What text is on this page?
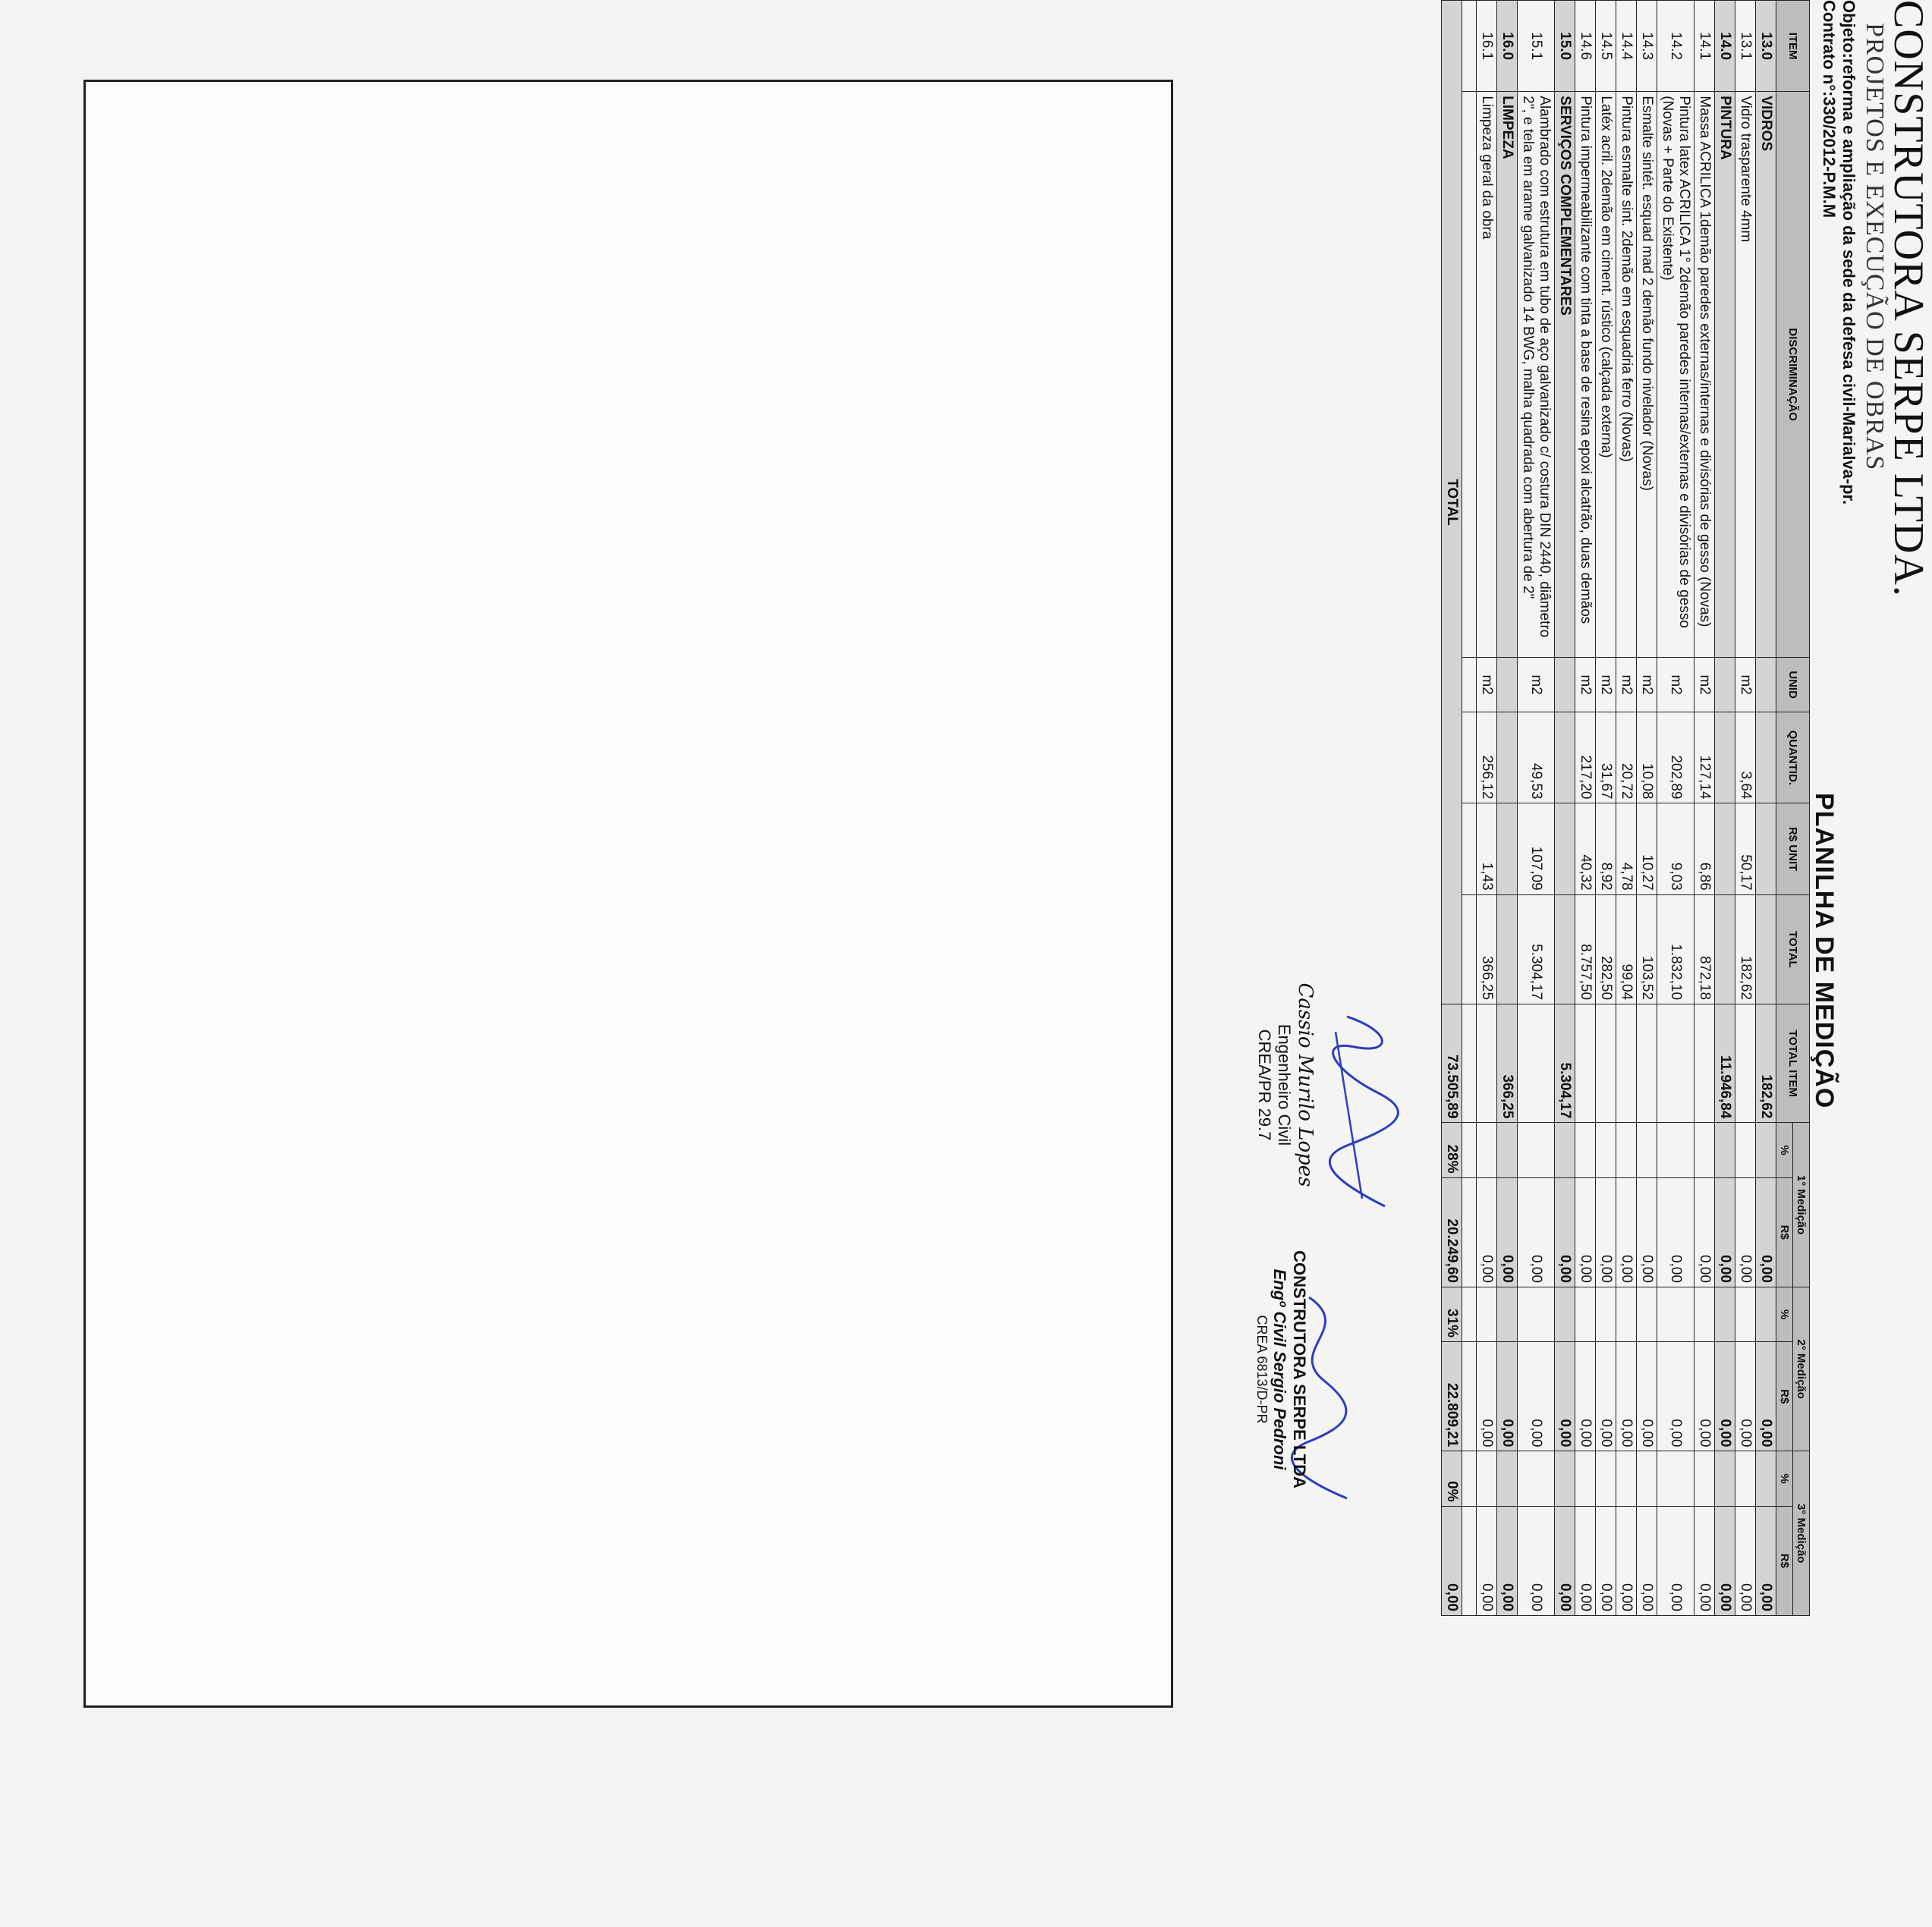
CONSTRUTORA SERPE LTDA.
PROJETOS E EXECUÇÃO DE OBRAS
Objeto:reforma e ampliação da sede da defesa civil-Marialva-pr.
Contrato n°:330/2012-P.M.M
PLANILHA DE MEDIÇÃO
ITEM	DISCRIMINAÇÃO	UNID	QUANTID.	R$ UNIT	TOTAL	TOTAL ITEM	1° Medição		2° Medição		3° Medição	
							%	R$	%	R$	%	R$
13.0	VIDROS					182,62		0,00		0,00		0,00
13.1	Vidro trasparente 4mm	m2	3,64	50,17	182,62			0,00		0,00		0,00
14.0	PINTURA					11.946,84		0,00		0,00		0,00
14.1	Massa ACRILICA 1demão paredes externas/internas e divisórias de gesso (Novas)	m2	127,14	6,86	872,18			0,00		0,00		0,00
14.2	Pintura latex ACRILICA 1° 2demão paredes internas/externas e divisórias de gesso (Novas + Parte do Existente)	m2	202,89	9,03	1.832,10			0,00		0,00		0,00
14.3	Esmalte sintét. esquad mad 2 demão fundo nivelador (Novas)	m2	10,08	10,27	103,52			0,00		0,00		0,00
14.4	Pintura esmalte sint. 2demão em esquadria ferro (Novas)	m2	20,72	4,78	99,04			0,00		0,00		0,00
14.5	Latéx acril. 2demão em ciment. rústico (calçada externa)	m2	31,67	8,92	282,50			0,00		0,00		0,00
14.6	Pintura impermeabilizante com tinta a base de resina epoxi alcatrão, duas demãos	m2	217,20	40,32	8.757,50			0,00		0,00		0,00
15.0	SERVIÇOS COMPLEMENTARES					5.304,17		0,00		0,00		0,00
15.1	Alambrado com estrutura em tubo de aço galvanizado c/ costura DIN 2440, diâmetro 2", e tela em arame galvanizado 14 BWG, malha quadrada com abertura de 2"	m2	49,53	107,09	5.304,17			0,00		0,00		0,00
16.0	LIMPEZA					366,25		0,00		0,00		0,00
16.1	Limpeza geral da obra	m2	256,12	1,43	366,25			0,00		0,00		0,00

TOTAL						73.505,89	28%	20.249,60	31%	22.809,21	0%	0,00
Cassio Murilo Lopes
Engenheiro Civil
CREA/PR 29.7
CONSTRUTORA SERPE LTDA
Engº Civil Sergio Pedroni
CREA 6813/D-PR
